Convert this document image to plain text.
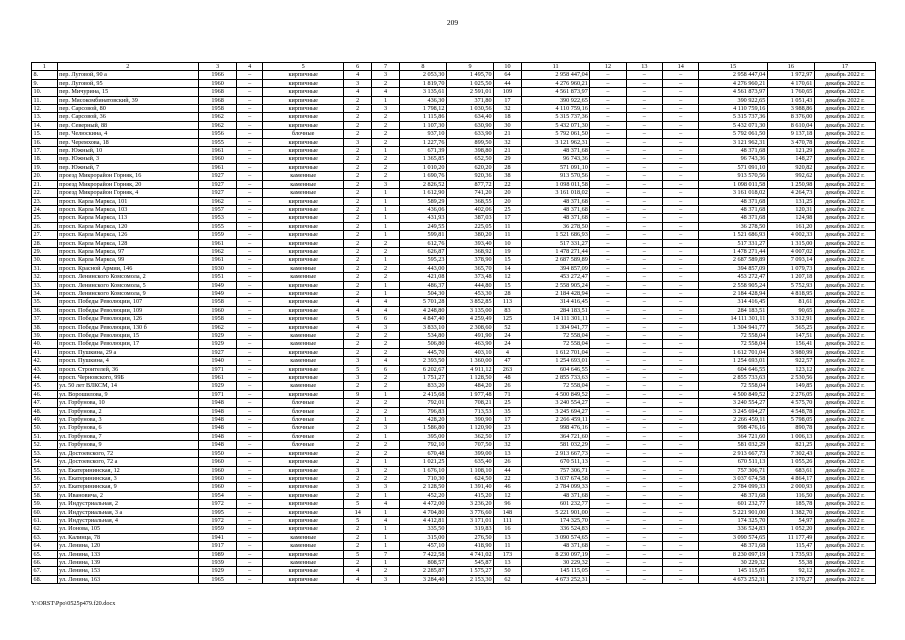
209
1	2	3	4	5	6	7	8	9	10	11	12	13	14	15	16	17
8.	пер. Луговой, 90 а	1966	–	кирпичные	4	3	2 053,30	1 495,70	64	2 958 447,04	–	–	–	2 958 447,04	1 972,97	декабрь 2022 г.
9.	пер. Луговой, 95	1960	–	кирпичные	3	2	1 819,70	1 025,50	44	4 276 960,21	–	–	–	4 276 960,21	4 170,61	декабрь 2022 г.
10.	пер. Мичурина, 15	1968	–	кирпичные	4	4	3 135,61	2 591,01	109	4 561 873,97	–	–	–	4 561 873,97	1 760,65	декабрь 2022 г.
11.	пер. Мясокомбинатовский, 39	1968	–	кирпичные	2	1	436,30	371,80	17	390 922,65	–	–	–	390 922,65	1 051,43	декабрь 2022 г.
12.	пер. Сарсовой, 80	1958	–	кирпичные	2	3	1 798,12	1 030,56	32	4 110 759,16	–	–	–	4 110 759,16	3 988,86	декабрь 2022 г.
13.	пер. Сарсовой, 36	1962	–	кирпичные	2	2	1 115,86	634,40	18	5 315 737,36	–	–	–	5 315 737,36	8 376,00	декабрь 2022 г.
14.	пер. Северный, 88	1962	–	кирпичные	2	2	1 107,30	630,90	30	5 432 071,30	–	–	–	5 432 071,30	8 610,04	декабрь 2022 г.
15.	пер. Челюскина, 4	1956	–	блочные	2	2	937,10	633,90	21	5 792 061,50	–	–	–	5 792 061,50	9 137,18	декабрь 2022 г.
16.	пер. Черемхова, 18	1955	–	кирпичные	3	2	1 227,76	899,50	32	3 121 962,31	–	–	–	3 121 962,31	3 470,78	декабрь 2022 г.
17.	пер. Южный, 10	1961	–	кирпичные	2	1	671,39	398,80	21	48 371,68	–	–	–	48 371,68	121,29	декабрь 2022 г.
18.	пер. Южный, 3	1960	–	кирпичные	2	2	1 365,85	652,50	29	96 743,36	–	–	–	96 743,36	148,27	декабрь 2022 г.
19.	пер. Южный, 7	1961	–	кирпичные	2	2	1 010,20	620,20	28	571 091,10	–	–	–	571 091,10	920,82	декабрь 2022 г.
20.	проезд Микрорайон Горняк, 16	1927	–	каменные	2	2	1 690,76	920,36	38	913 570,56	–	–	–	913 570,56	992,62	декабрь 2022 г.
21.	проезд Микрорайон Горняк, 20	1927	–	каменные	2	3	2 826,52	877,72	22	1 098 011,58	–	–	–	1 098 011,58	1 250,98	декабрь 2022 г.
22.	проезд Микрорайон Горняк, 4	1927	–	каменные	2	1	1 612,90	741,20	20	3 161 018,02	–	–	–	3 161 018,02	4 264,73	декабрь 2022 г.
23.	просп. Карла Маркса, 101	1962	–	кирпичные	2	1	589,29	368,55	20	48 371,68	–	–	–	48 371,68	131,25	декабрь 2022 г.
24.	просп. Карла Маркса, 103	1957	–	кирпичные	2	1	436,06	402,06	25	48 371,68	–	–	–	48 371,68	120,31	декабрь 2022 г.
25.	просп. Карла Маркса, 113	1953	–	кирпичные	2	1	431,93	387,03	17	48 371,68	–	–	–	48 371,68	124,98	декабрь 2022 г.
26.	просп. Карла Маркса, 120	1955	–	кирпичные	2	1	249,55	225,05	11	36 278,50	–	–	–	36 278,50	161,20	декабрь 2022 г.
27.	просп. Карла Маркса, 126	1959	–	кирпичные	2	1	599,81	380,20	11	1 521 686,93	–	–	–	1 521 686,93	4 002,33	декабрь 2022 г.
28.	просп. Карла Маркса, 128	1961	–	кирпичные	2	2	612,76	393,40	10	517 331,27	–	–	–	517 331,27	1 315,00	декабрь 2022 г.
29.	просп. Карла Маркса, 97	1962	–	кирпичные	2	2	626,87	368,92	19	1 478 271,44	–	–	–	1 478 271,44	4 007,02	декабрь 2022 г.
30.	просп. Карла Маркса, 99	1961	–	кирпичные	2	1	595,23	378,90	15	2 687 589,89	–	–	–	2 687 589,89	7 093,14	декабрь 2022 г.
31.	просп. Красной Армии, 146	1930	–	каменные	2	2	443,00	365,70	14	394 857,09	–	–	–	394 857,09	1 079,73	декабрь 2022 г.
32.	просп. Ленинского Комсомола, 2	1951	–	каменные	2	2	421,08	373,48	12	453 272,47	–	–	–	453 272,47	1 207,18	декабрь 2022 г.
33.	просп. Ленинского Комсомола, 5	1949	–	кирпичные	2	1	486,37	444,80	15	2 558 905,24	–	–	–	2 558 905,24	5 752,93	декабрь 2022 г.
34.	просп. Ленинского Комсомола, 9	1949	–	кирпичные	2	1	504,30	453,30	28	2 184 428,94	–	–	–	2 184 428,94	4 818,95	декабрь 2022 г.
35.	просп. Победы Революции, 107	1958	–	кирпичные	4	4	5 701,28	3 852,85	113	314 416,45	–	–	–	314 416,45	81,61	декабрь 2022 г.
36.	просп. Победы Революции, 109	1960	–	кирпичные	4	4	4 248,80	3 135,00	83	284 183,51	–	–	–	284 183,51	90,65	декабрь 2022 г.
37.	просп. Победы Революции, 126	1958	–	кирпичные	5	6	4 847,40	4 259,49	125	14 111 301,11	–	–	–	14 111 301,11	3 312,91	декабрь 2022 г.
38.	просп. Победы Революции, 130 б	1962	–	кирпичные	4	3	3 833,10	2 308,60	52	1 304 941,77	–	–	–	1 304 941,77	565,25	декабрь 2022 г.
39.	просп. Победы Революции, 15	1929	–	каменные	2	2	534,80	491,90	24	72 558,04	–	–	–	72 558,04	147,51	декабрь 2022 г.
40.	просп. Победы Революции, 17	1929	–	каменные	2	2	506,80	463,90	24	72 558,04	–	–	–	72 558,04	156,41	декабрь 2022 г.
41.	просп. Пушкина, 29 а	1927	–	кирпичные	2	2	445,70	403,10	4	1 612 701,04	–	–	–	1 612 701,04	3 980,99	декабрь 2022 г.
42.	просп. Пушкина, 4	1940	–	каменные	3	4	2 393,50	1 360,00	47	1 254 693,01	–	–	–	1 254 693,01	922,57	декабрь 2022 г.
43.	просп. Строителей, 36	1971	–	кирпичные	5	6	6 202,67	4 911,12	263	604 646,55	–	–	–	604 646,55	123,12	декабрь 2022 г.
44.	просп. Черновского, 99Б	1961	–	кирпичные	3	2	1 751,27	1 128,50	48	2 855 733,63	–	–	–	2 855 733,63	2 530,56	декабрь 2022 г.
45.	ул. 50 лет ВЛКСМ, 14	1929	–	каменные	2	2	833,20	484,20	26	72 558,04	–	–	–	72 558,04	149,85	декабрь 2022 г.
46.	ул. Ворошилова, 9	1971	–	кирпичные	9	1	2 415,68	1 977,48	71	4 500 849,52	–	–	–	4 500 849,52	2 276,05	декабрь 2022 г.
47.	ул. Горбунова, 10	1948	–	блочные	2	2	792,01	708,21	25	3 240 554,27	–	–	–	3 240 554,27	4 575,70	декабрь 2022 г.
48.	ул. Горбунова, 2	1948	–	блочные	2	2	796,83	713,53	35	3 245 694,27	–	–	–	3 245 694,27	4 548,78	декабрь 2022 г.
49.	ул. Горбунова, 3	1948	–	блочные	2	1	428,20	390,90	17	2 266 459,11	–	–	–	2 266 459,11	5 798,05	декабрь 2022 г.
50.	ул. Горбунова, 6	1948	–	блочные	2	3	1 586,80	1 120,90	23	998 476,16	–	–	–	998 476,16	890,78	декабрь 2022 г.
51.	ул. Горбунова, 7	1948	–	блочные	2	1	395,00	362,50	17	364 721,60	–	–	–	364 721,60	1 006,13	декабрь 2022 г.
52.	ул. Горбунова, 9	1948	–	блочные	2	2	792,10	707,50	32	581 032,29	–	–	–	581 032,29	821,25	декабрь 2022 г.
53.	ул. Достоевского, 72	1950	–	кирпичные	2	2	670,48	399,00	13	2 913 667,73	–	–	–	2 913 667,73	7 302,43	декабрь 2022 г.
54.	ул. Достоевского, 72 а	1960	–	кирпичные	2	1	1 021,25	635,40	26	670 511,13	–	–	–	670 511,13	1 055,26	декабрь 2022 г.
55.	ул. Екатерининская, 12	1960	–	кирпичные	3	2	1 676,10	1 108,10	44	757 306,71	–	–	–	757 306,71	683,61	декабрь 2022 г.
56.	ул. Екатерининская, 3	1960	–	кирпичные	2	2	710,30	624,50	22	3 037 674,58	–	–	–	3 037 674,58	4 864,17	декабрь 2022 г.
57.	ул. Екатерининская, 9	1960	–	кирпичные	3	3	2 128,50	1 391,40	46	2 784 099,33	–	–	–	2 784 099,33	2 000,93	декабрь 2022 г.
58.	ул. Ивановича, 2	1954	–	кирпичные	2	1	452,20	415,20	12	48 371,68	–	–	–	48 371,68	116,50	декабрь 2022 г.
59.	ул. Индустриальная, 2	1972	–	кирпичные	5	4	4 472,00	3 236,20	96	601 232,77	–	–	–	601 232,77	185,78	декабрь 2022 г.
60.	ул. Индустриальная, 3 а	1995	–	кирпичные	14	1	4 704,80	3 776,60	148	5 221 901,00	–	–	–	5 221 901,00	1 382,70	декабрь 2022 г.
61.	ул. Индустриальная, 4	1972	–	кирпичные	5	4	4 412,81	3 171,01	111	174 325,70	–	–	–	174 325,70	54,97	декабрь 2022 г.
62.	ул. Ионова, 105	1959	–	кирпичные	2	1	335,50	319,83	16	336 524,83	–	–	–	336 524,83	1 052,20	декабрь 2022 г.
63.	ул. Калинца, 78	1941	–	каменные	2	1	315,00	276,50	13	3 090 574,65	–	–	–	3 090 574,65	11 177,49	декабрь 2022 г.
64.	ул. Ленина, 120	1917	–	каменные	2	1	457,10	418,90	11	48 371,68	–	–	–	48 371,68	115,47	декабрь 2022 г.
65.	ул. Ленина, 133	1989	–	кирпичные	5	7	7 422,58	4 741,02	173	8 230 097,19	–	–	–	8 230 097,19	1 735,93	декабрь 2022 г.
66.	ул. Ленина, 139	1939	–	каменные	2	1	808,57	545,87	13	30 229,32	–	–	–	30 229,32	55,38	декабрь 2022 г.
67.	ул. Ленина, 153	1929	–	кирпичные	4	2	2 285,87	1 575,27	50	145 115,05	–	–	–	145 115,05	92,12	декабрь 2022 г.
68.	ул. Ленина, 163	1965	–	кирпичные	4	3	3 284,40	2 153,30	62	4 673 252,31	–	–	–	4 673 252,31	2 170,27	декабрь 2022 г.
Y:\ORST\Ppo\0525p479.f20.docx
